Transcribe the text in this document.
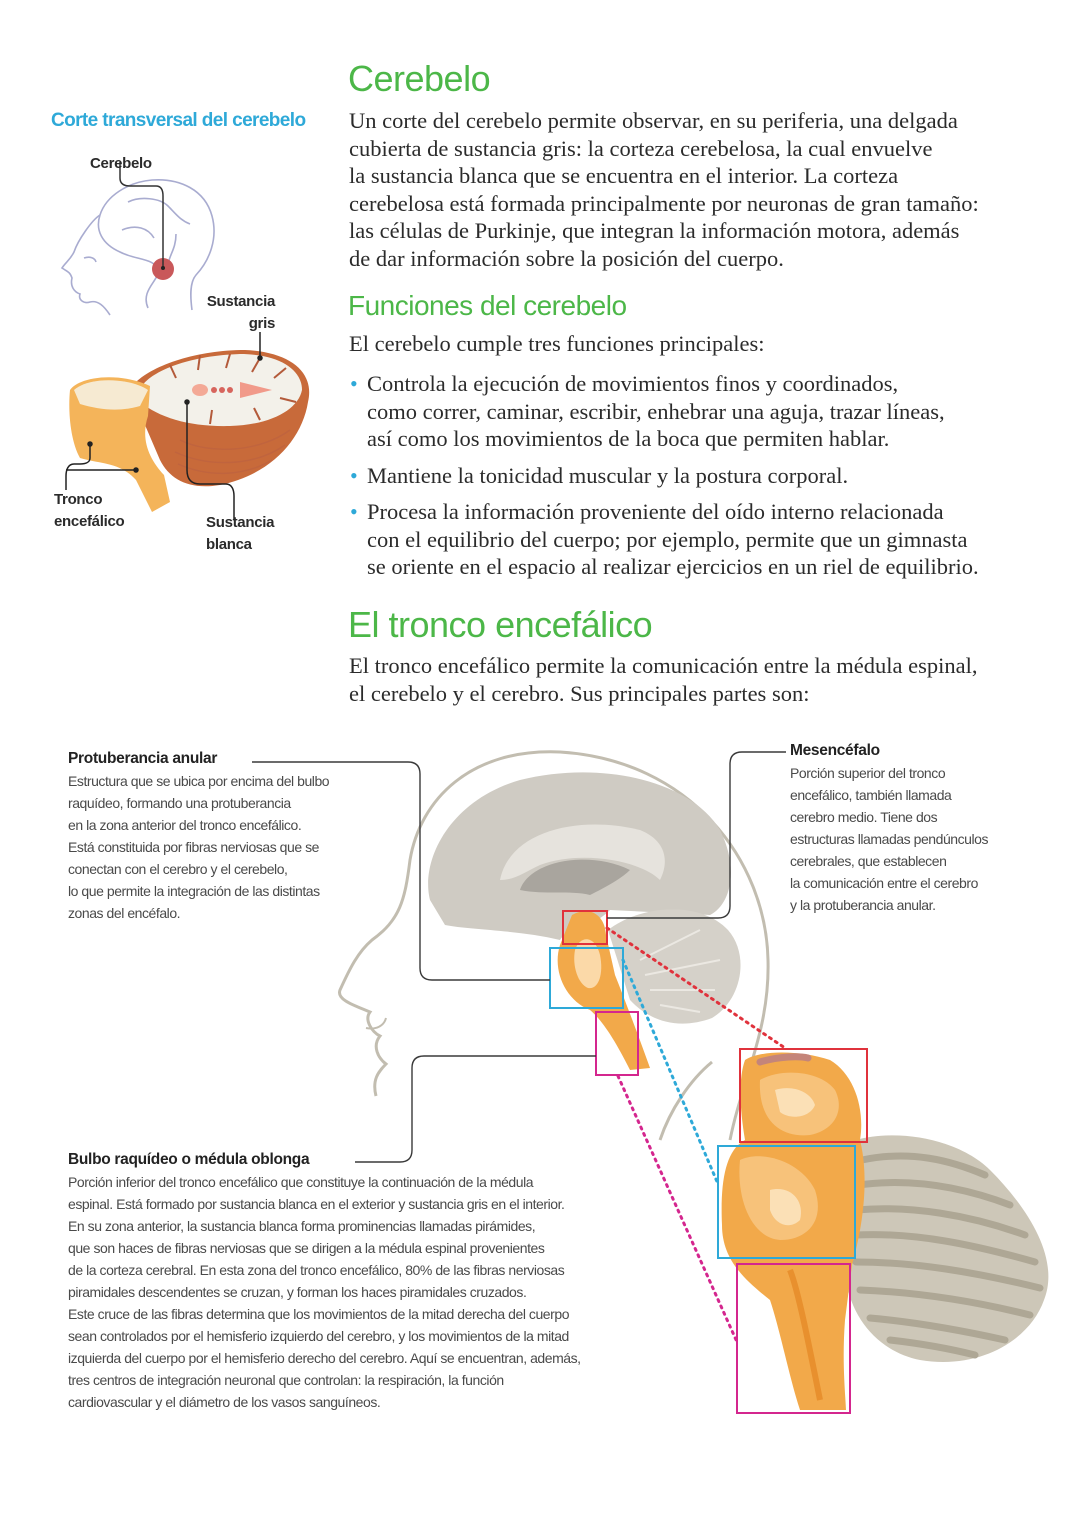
Corte transversal del cerebelo
Cerebelo
Sustancia
gris
Tronco
encefálico	Sustancia
blanca
Cerebelo

Un corte del cerebelo permite observar, en su periferia, una delgada
cubierta de sustancia gris: la corteza cerebelosa, la cual envuelve
la sustancia blanca que se encuentra en el interior. La corteza
cerebelosa está formada principalmente por neuronas de gran tamaño:
las células de Purkinje, que integran la información motora, además
de dar información sobre la posición del cuerpo.

Funciones del cerebelo

El cerebelo cumple tres funciones principales:

• Controla la ejecución de movimientos finos y coordinados,
como correr, caminar, escribir, enhebrar una aguja, trazar líneas,
así como los movimientos de la boca que permiten hablar.
• Mantiene la tonicidad muscular y la postura corporal.
• Procesa la información proveniente del oído interno relacionada
con el equilibrio del cuerpo; por ejemplo, permite que un gimnasta
se oriente en el espacio al realizar ejercicios en un riel de equilibrio.
El tronco encefálico

El tronco encefálico permite la comunicación entre la médula espinal,
el cerebelo y el cerebro. Sus principales partes son:

Protuberancia anular
Estructura que se ubica por encima del bulbo
raquídeo, formando una protuberancia
en la zona anterior del tronco encefálico.
Está constituida por fibras nerviosas que se
conectan con el cerebro y el cerebelo,
lo que permite la integración de las distintas
zonas del encéfalo.
Mesencéfalo
Porción superior del tronco
encefálico, también llamada
cerebro medio. Tiene dos
estructuras llamadas pendúnculos
cerebrales, que establecen
la comunicación entre el cerebro
y la protuberancia anular.
Bulbo raquídeo o médula oblonga
Porción inferior del tronco encefálico que constituye la continuación de la médula
espinal. Está formado por sustancia blanca en el exterior y sustancia gris en el interior.
En su zona anterior, la sustancia blanca forma prominencias llamadas pirámides,
que son haces de fibras nerviosas que se dirigen a la médula espinal provenientes
de la corteza cerebral. En esta zona del tronco encefálico, 80% de las fibras nerviosas
piramidales descendentes se cruzan, y forman los haces piramidales cruzados.
Este cruce de las fibras determina que los movimientos de la mitad derecha del cuerpo
sean controlados por el hemisferio izquierdo del cerebro, y los movimientos de la mitad
izquierda del cuerpo por el hemisferio derecho del cerebro. Aquí se encuentran, además,
tres centros de integración neuronal que controlan: la respiración, la función
cardiovascular y el diámetro de los vasos sanguíneos.
